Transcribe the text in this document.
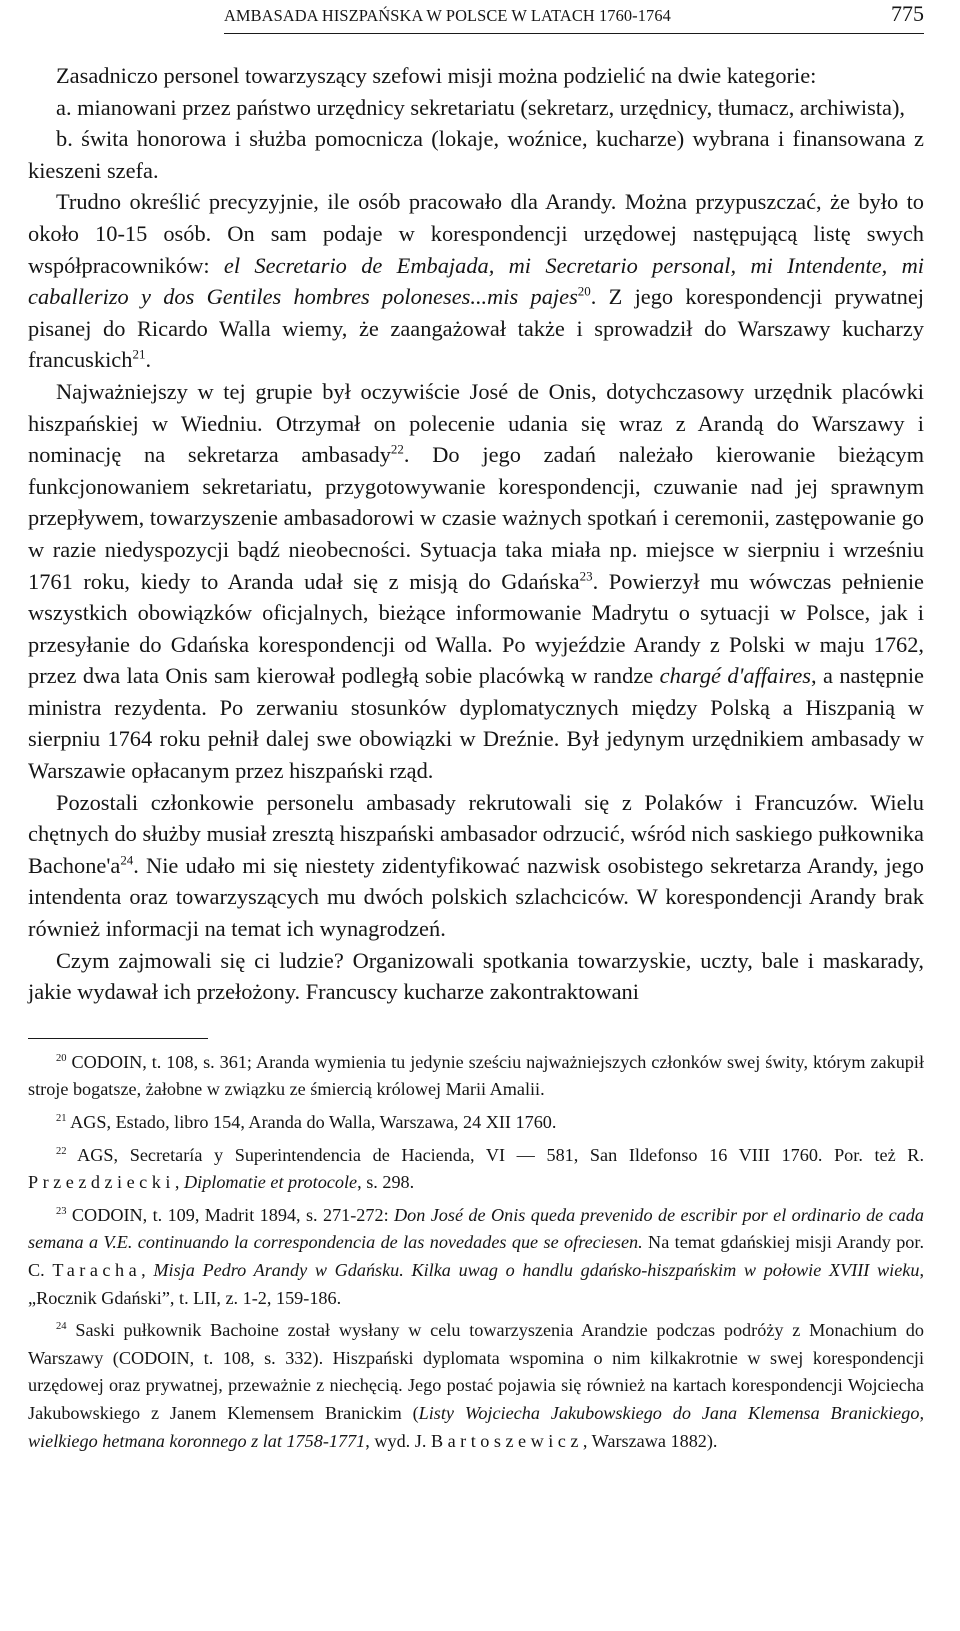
AMBASADA HISZPAŃSKA W POLSCE W LATACH 1760-1764	775

Zasadniczo personel towarzyszący szefowi misji można podzielić na dwie kategorie:

a. mianowani przez państwo urzędnicy sekretariatu (sekretarz, urzędnicy, tłumacz, archiwista),

b. świta honorowa i służba pomocnicza (lokaje, woźnice, kucharze) wybrana i finansowana z kieszeni szefa.

Trudno określić precyzyjnie, ile osób pracowało dla Arandy. Można przypuszczać, że było to około 10-15 osób. On sam podaje w korespondencji urzędowej następującą listę swych współpracowników: el Secretario de Embajada, mi Secretario personal, mi Intendente, mi caballerizo y dos Gentiles hombres poloneses...mis pajes$^{20}$. Z jego korespondencji prywatnej pisanej do Ricardo Walla wiemy, że zaangażował także i sprowadził do Warszawy kucharzy francuskich$^{21}$.

Najważniejszy w tej grupie był oczywiście José de Onis, dotychczasowy urzędnik placówki hiszpańskiej w Wiedniu. Otrzymał on polecenie udania się wraz z Arandą do Warszawy i nominację na sekretarza ambasady$^{22}$. Do jego zadań należało kierowanie bieżącym funkcjonowaniem sekretariatu, przygotowywanie korespondencji, czuwanie nad jej sprawnym przepływem, towarzyszenie ambasadorowi w czasie ważnych spotkań i ceremonii, zastępowanie go w razie niedyspozycji bądź nieobecności. Sytuacja taka miała np. miejsce w sierpniu i wrześniu 1761 roku, kiedy to Aranda udał się z misją do Gdańska$^{23}$. Powierzył mu wówczas pełnienie wszystkich obowiązków oficjalnych, bieżące informowanie Madrytu o sytuacji w Polsce, jak i przesyłanie do Gdańska korespondencji od Walla. Po wyjeździe Arandy z Polski w maju 1762, przez dwa lata Onis sam kierował podległą sobie placówką w randze chargé d'affaires, a następnie ministra rezydenta. Po zerwaniu stosunków dyplomatycznych między Polską a Hiszpanią w sierpniu 1764 roku pełnił dalej swe obowiązki w Dreźnie. Był jedynym urzędnikiem ambasady w Warszawie opłacanym przez hiszpański rząd.

Pozostali członkowie personelu ambasady rekrutowali się z Polaków i Francuzów. Wielu chętnych do służby musiał zresztą hiszpański ambasador odrzucić, wśród nich saskiego pułkownika $Bachone'a^{24}$. Nie udało mi się niestety zidentyfikować nazwisk osobistego sekretarza Arandy, jego intendenta oraz towarzyszących mu dwóch polskich szlachciców. W korespondencji Arandy brak również informacji na temat ich wynagrodzeń.

Czym zajmowali się ci ludzie? Organizowali spotkania towarzyskie, uczty, bale i maskarady, jakie wydawał ich przełożony. Francuscy kucharze zakontraktowani

$^{20}$ CODOIN, t. 108, s. 361; Aranda wymienia tu jedynie sześciu najważniejszych członków swej świty, którym zakupił stroje bogatsze, żałobne w związku ze śmiercią królowej Marii Amalii.

$^{21}$ AGS, Estado, libro 154, Aranda do Walla, Warszawa, 24 XII 1760.

$^{22}$ AGS, Secretaría y Superintendencia de Hacienda, VI — 581, San Ildefonso 16 VIII 1760. Por. też R. Przezdziecki, Diplomatie et protocole, s. 298.

$^{23}$ CODOIN, t. 109, Madrit 1894, s. 271-272: Don José de Onis queda prevenido de escribir por el ordinario de cada semana a V.E. continuando la correspondencia de las novedades que se ofreciesen. Na temat gdańskiej misji Arandy por. C. Taracha, Misja Pedro Arandy w Gdańsku. Kilka uwag o handlu gdańsko-hiszpańskim w połowie XVIII wieku, „Rocznik Gdański”, t. LII, z. 1-2, 159-186.

$^{24}$ Saski pułkownik Bachoine został wysłany w celu towarzyszenia Arandzie podczas podróży z Monachium do Warszawy (CODOIN, t. 108, s. 332). Hiszpański dyplomata wspomina o nim kilkakrotnie w swej korespondencji urzędowej oraz prywatnej, przeważnie z niechęcią. Jego postać pojawia się również na kartach korespondencji Wojciecha Jakubowskiego z Janem Klemensem Branickim (Listy Wojciecha Jakubowskiego do Jana Klemensa Branickiego, wielkiego hetmana koronnego z lat 1758-1771, wyd. J. Bartoszewicz, Warszawa 1882).
